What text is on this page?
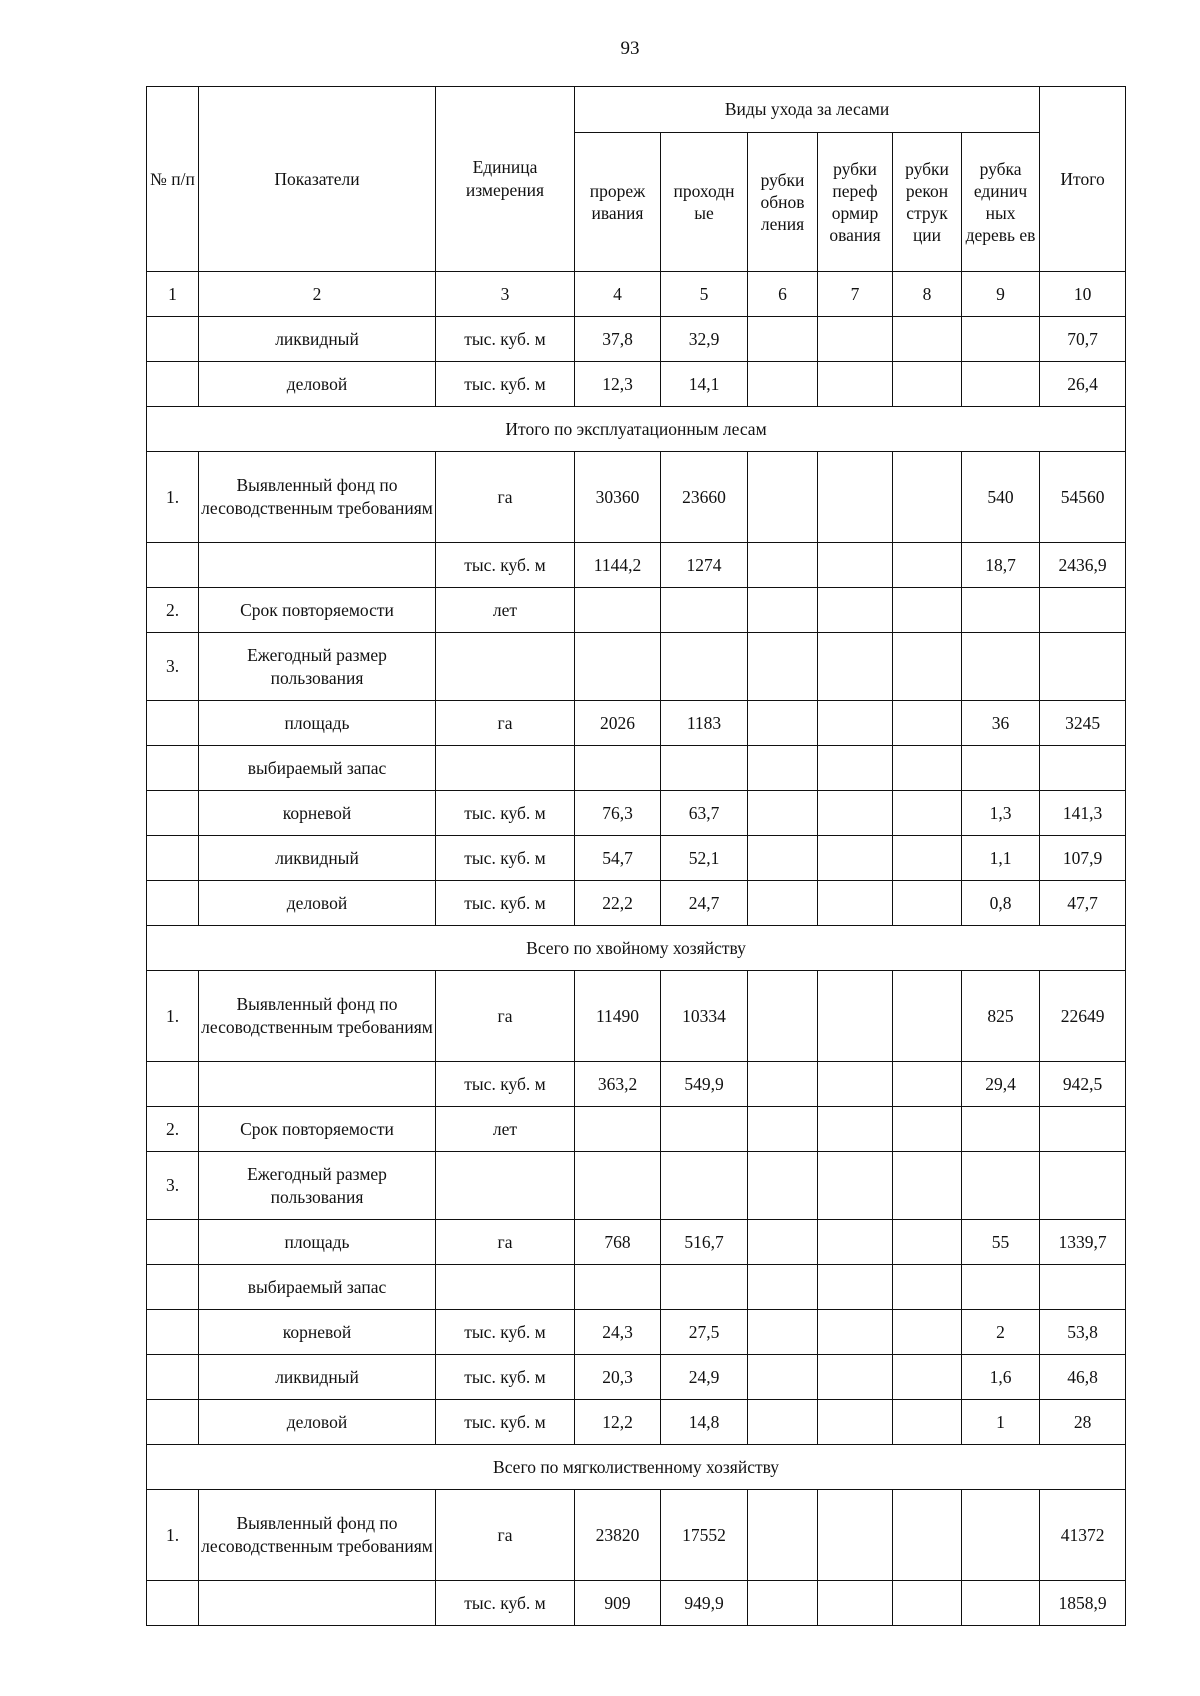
93
№ п/п	Показатели	Единица измерения	Виды ухода за лесами						Итого
			прореж ивания	проходн ые	рубки обнов ления	рубки переф ормир ования	рубки рекон струк ции	рубка единич ных деревь ев	
1	2	3	4	5	6	7	8	9	10
	ликвидный	тыс. куб. м	37,8	32,9					70,7
	деловой	тыс. куб. м	12,3	14,1					26,4
Итого по эксплуатационным лесам									
1.	Выявленный фонд по лесоводственным требованиям	га	30360	23660				540	54560
		тыс. куб. м	1144,2	1274				18,7	2436,9
2.	Срок повторяемости	лет							
3.	Ежегодный размер пользования								
	площадь	га	2026	1183				36	3245
	выбираемый запас								
	корневой	тыс. куб. м	76,3	63,7				1,3	141,3
	ликвидный	тыс. куб. м	54,7	52,1				1,1	107,9
	деловой	тыс. куб. м	22,2	24,7				0,8	47,7
Всего по хвойному хозяйству									
1.	Выявленный фонд по лесоводственным требованиям	га	11490	10334				825	22649
		тыс. куб. м	363,2	549,9				29,4	942,5
2.	Срок повторяемости	лет							
3.	Ежегодный размер пользования								
	площадь	га	768	516,7				55	1339,7
	выбираемый запас								
	корневой	тыс. куб. м	24,3	27,5				2	53,8
	ликвидный	тыс. куб. м	20,3	24,9				1,6	46,8
	деловой	тыс. куб. м	12,2	14,8				1	28
Всего по мягколиственному хозяйству									
1.	Выявленный фонд по лесоводственным требованиям	га	23820	17552					41372
		тыс. куб. м	909	949,9					1858,9
